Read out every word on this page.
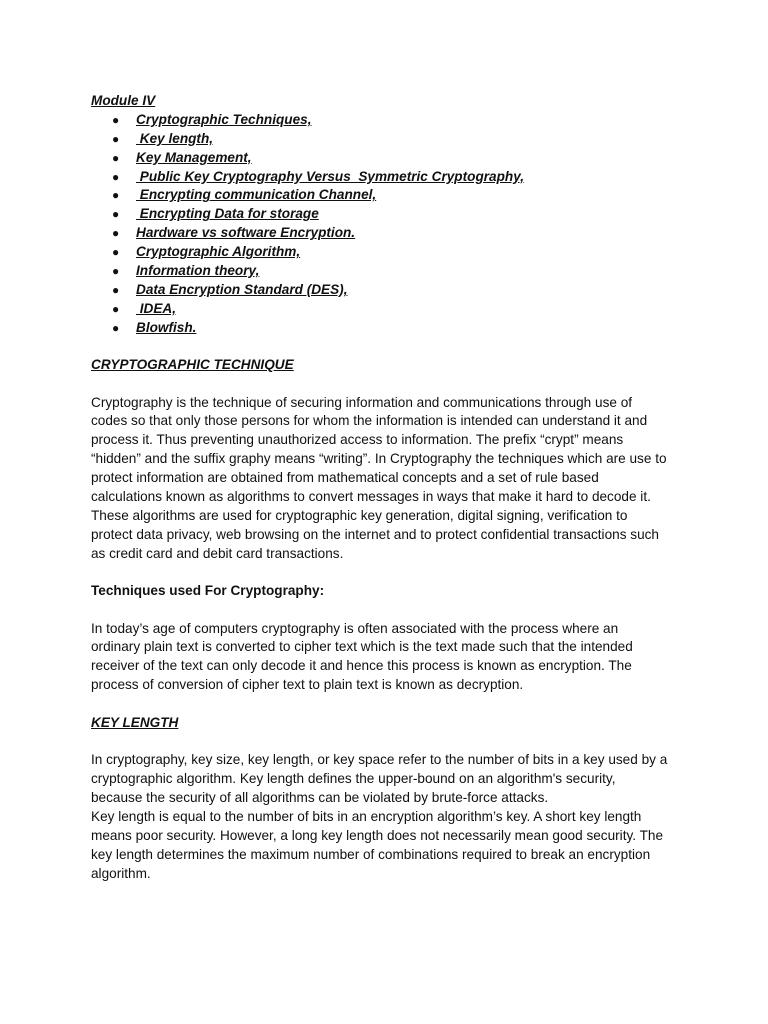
Module IV

● Cryptographic Techniques,
● Key length,
● Key Management,
● Public Key Cryptography Versus  Symmetric Cryptography,
● Encrypting communication Channel,
● Encrypting Data for storage
● Hardware vs software Encryption.
● Cryptographic Algorithm,
● Information theory,
● Data Encryption Standard (DES),
● IDEA,
● Blowfish.

CRYPTOGRAPHIC TECHNIQUE

Cryptography is the technique of securing information and communications through use of
codes so that only those persons for whom the information is intended can understand it and
process it. Thus preventing unauthorized access to information. The prefix “crypt” means
“hidden” and the suffix graphy means “writing”. In Cryptography the techniques which are use to
protect information are obtained from mathematical concepts and a set of rule based
calculations known as algorithms to convert messages in ways that make it hard to decode it.
These algorithms are used for cryptographic key generation, digital signing, verification to
protect data privacy, web browsing on the internet and to protect confidential transactions such
as credit card and debit card transactions.

Techniques used For Cryptography:

In today’s age of computers cryptography is often associated with the process where an
ordinary plain text is converted to cipher text which is the text made such that the intended
receiver of the text can only decode it and hence this process is known as encryption. The
process of conversion of cipher text to plain text is known as decryption.

KEY LENGTH

In cryptography, key size, key length, or key space refer to the number of bits in a key used by a
cryptographic algorithm. Key length defines the upper-bound on an algorithm's security,
because the security of all algorithms can be violated by brute-force attacks.
Key length is equal to the number of bits in an encryption algorithm’s key. A short key length
means poor security. However, a long key length does not necessarily mean good security. The
key length determines the maximum number of combinations required to break an encryption
algorithm.
